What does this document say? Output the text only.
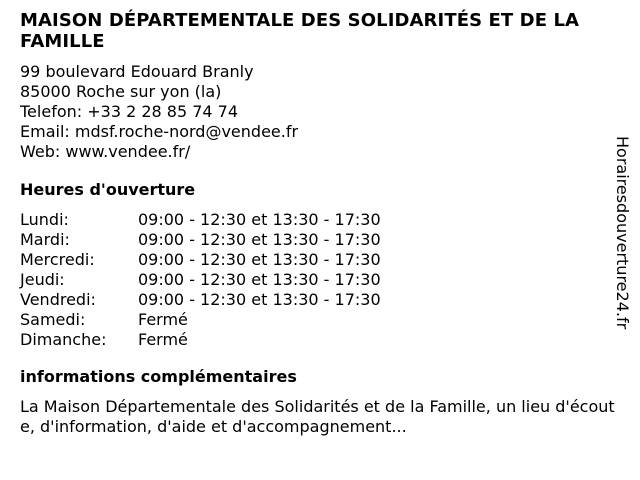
MAISON DÉPARTEMENTALE DES SOLIDARITÉS ET DE LA FAMILLE
99 boulevard Edouard Branly
85000 Roche sur yon (la)
Telefon: +33 2 28 85 74 74
Email: mdsf.roche-nord@vendee.fr
Web: www.vendee.fr/
Heures d'ouverture
Lundi:	09:00 - 12:30 et 13:30 - 17:30
Mardi:	09:00 - 12:30 et 13:30 - 17:30
Mercredi:	09:00 - 12:30 et 13:30 - 17:30
Jeudi:	09:00 - 12:30 et 13:30 - 17:30
Vendredi:	09:00 - 12:30 et 13:30 - 17:30
Samedi:	Fermé
Dimanche:	Fermé
informations complémentaires
La Maison Départementale des Solidarités et de la Famille, un lieu d'écoute, d'information, d'aide et d'accompagnement...
Horairesdouverture24.fr
